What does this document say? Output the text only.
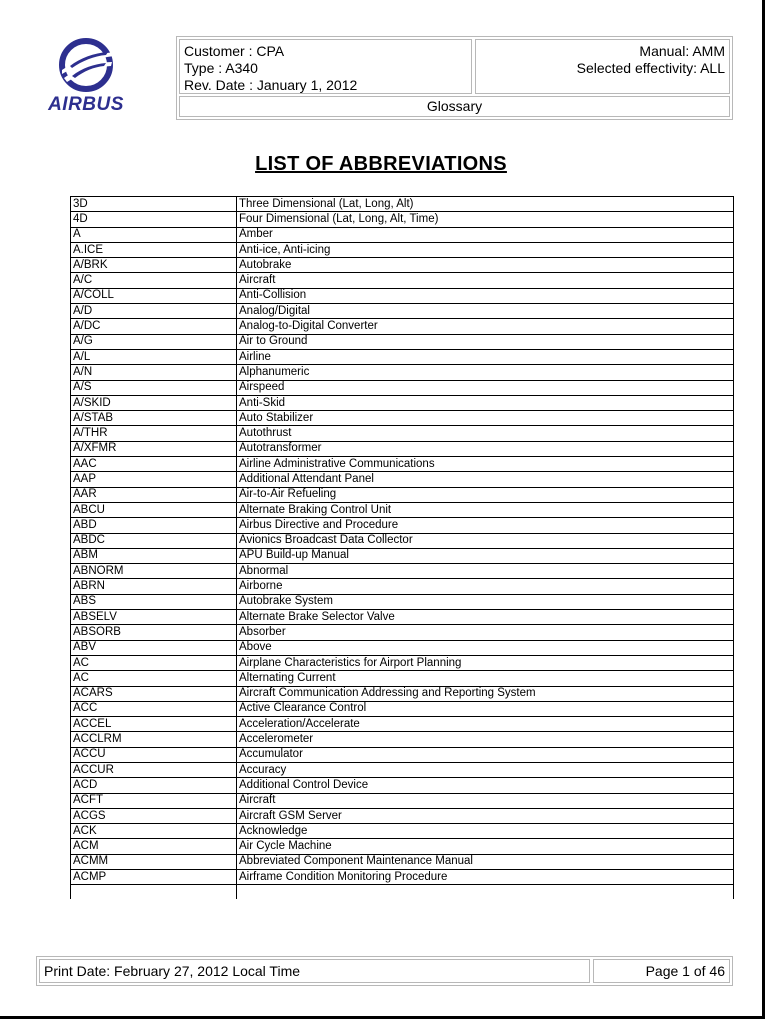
AIRBUS
Customer : CPA
Type : A340
Rev. Date : January 1, 2012
Manual: AMM
Selected effectivity: ALL
Glossary
LIST OF ABBREVIATIONS
3D	Three Dimensional (Lat, Long, Alt)
4D	Four Dimensional (Lat, Long, Alt, Time)
A	Amber
A.ICE	Anti-ice, Anti-icing
A/BRK	Autobrake
A/C	Aircraft
A/COLL	Anti-Collision
A/D	Analog/Digital
A/DC	Analog-to-Digital Converter
A/G	Air to Ground
A/L	Airline
A/N	Alphanumeric
A/S	Airspeed
A/SKID	Anti-Skid
A/STAB	Auto Stabilizer
A/THR	Autothrust
A/XFMR	Autotransformer
AAC	Airline Administrative Communications
AAP	Additional Attendant Panel
AAR	Air-to-Air Refueling
ABCU	Alternate Braking Control Unit
ABD	Airbus Directive and Procedure
ABDC	Avionics Broadcast Data Collector
ABM	APU Build-up Manual
ABNORM	Abnormal
ABRN	Airborne
ABS	Autobrake System
ABSELV	Alternate Brake Selector Valve
ABSORB	Absorber
ABV	Above
AC	Airplane Characteristics for Airport Planning
AC	Alternating Current
ACARS	Aircraft Communication Addressing and Reporting System
ACC	Active Clearance Control
ACCEL	Acceleration/Accelerate
ACCLRM	Accelerometer
ACCU	Accumulator
ACCUR	Accuracy
ACD	Additional Control Device
ACFT	Aircraft
ACGS	Aircraft GSM Server
ACK	Acknowledge
ACM	Air Cycle Machine
ACMM	Abbreviated Component Maintenance Manual
ACMP	Airframe Condition Monitoring Procedure

Print Date: February 27, 2012 Local Time	Page 1 of 46
